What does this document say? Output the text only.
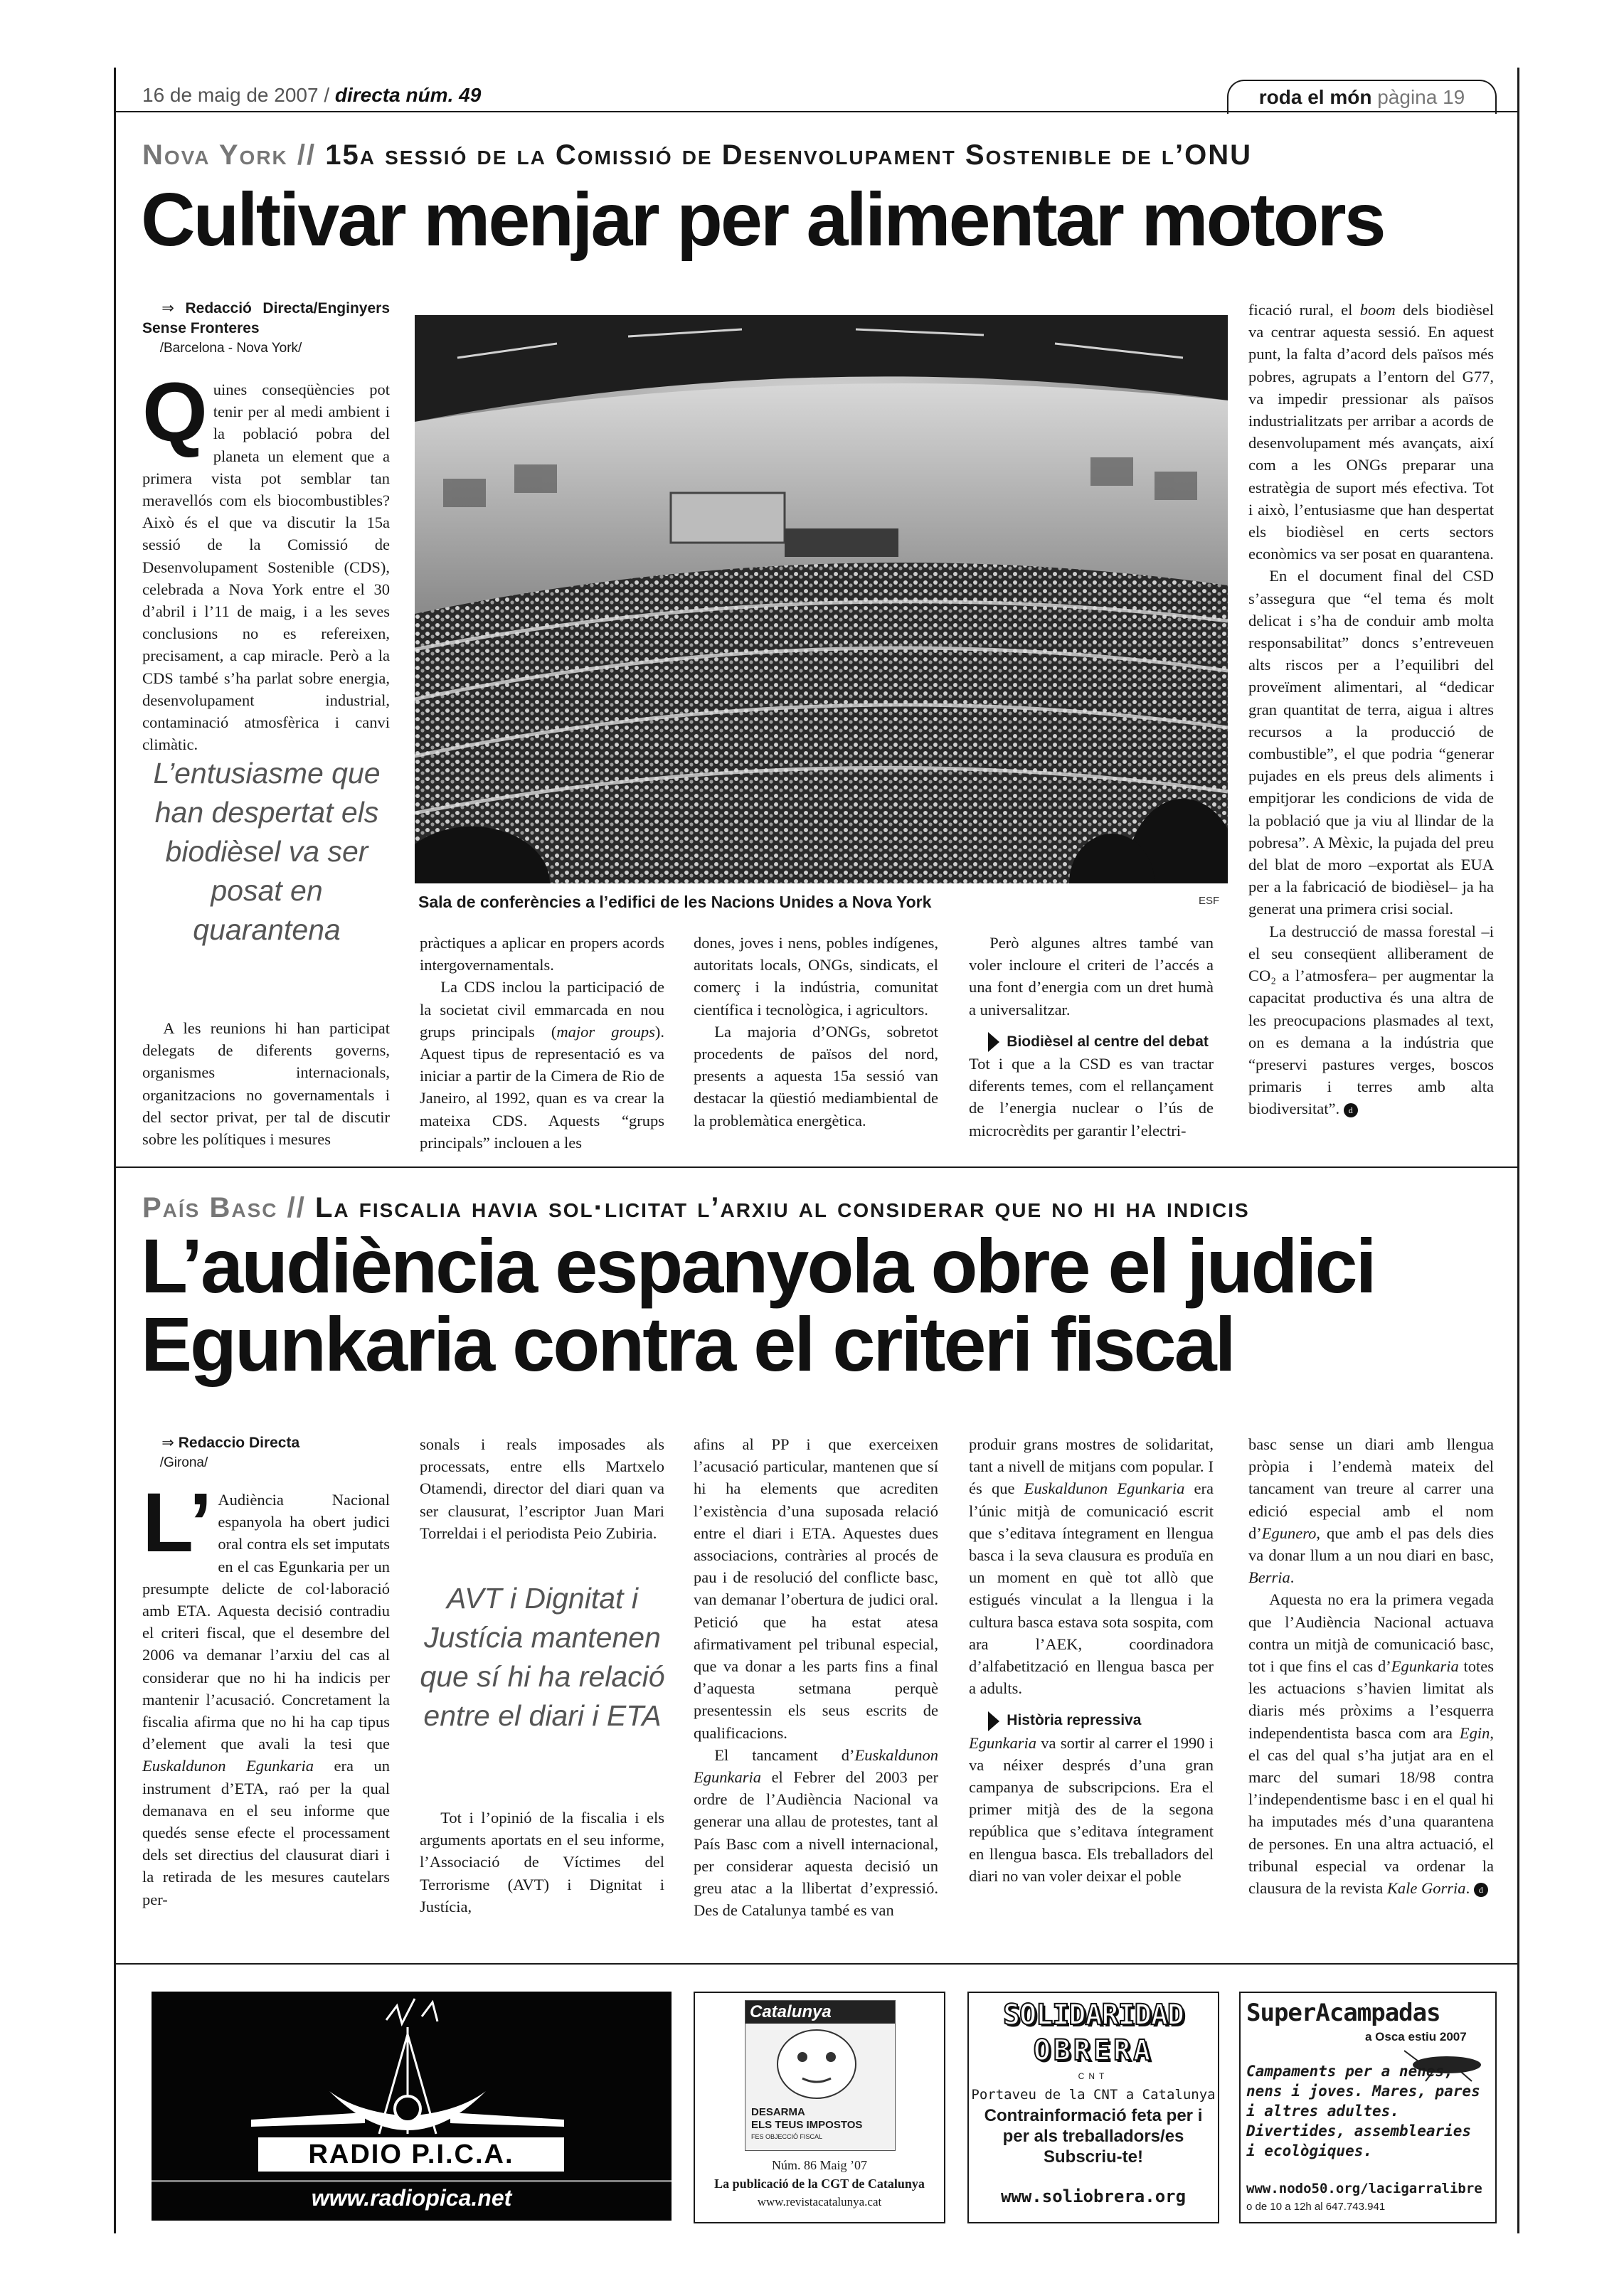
16 de maig de 2007 / directa núm. 49	roda el món pàgina 19
Nova York // 15a sessió de la Comissió de Desenvolupament Sostenible de l’ONU
Cultivar menjar per alimentar motors

⇒ Redacció Directa/Enginyers Sense Fronteres

/Barcelona - Nova York/

Quines conseqüències pot tenir per al medi ambient i la població pobra del planeta un element que a primera vista pot semblar tan meravellós com els biocombustibles? Això és el que va discutir la 15a sessió de la Comissió de Desenvolupament Sostenible (CDS), celebrada a Nova York entre el 30 d’abril i l’11 de maig, i a les seves conclusions no es refereixen, precisament, a cap miracle. Però a la CDS també s’ha parlat sobre energia, desenvolupament industrial, contaminació atmosfèrica i canvi climàtic.

L’entusiasme que han despertat els biodièsel va ser posat en quarantena

A les reunions hi han participat delegats de diferents governs, organismes internacionals, organitzacions no governamentals i del sector privat, per tal de discutir sobre les polítiques i mesures

Sala de conferències a l’edifici de les Nacions Unides a Nova York	ESF

pràctiques a aplicar en propers acords intergovernamentals.

La CDS inclou la participació de la societat civil emmarcada en nou grups principals (major groups). Aquest tipus de representació es va iniciar a partir de la Cimera de Rio de Janeiro, al 1992, quan es va crear la mateixa CDS. Aquests “grups principals” inclouen a les

dones, joves i nens, pobles indígenes, autoritats locals, ONGs, sindicats, el comerç i la indústria, comunitat científica i tecnològica, i agricultors.

La majoria d’ONGs, sobretot procedents de països del nord, presents a aquesta 15a sessió van destacar la qüestió mediambiental de la problemàtica energètica.

Però algunes altres també van voler incloure el criteri de l’accés a una font d’energia com un dret humà a universalitzar.

Biodièsel al centre del debat

Tot i que a la CSD es van tractar diferents temes, com el rellançament de l’energia nuclear o l’ús de microcrèdits per garantir l’electri-

ficació rural, el boom dels biodièsel va centrar aquesta sessió. En aquest punt, la falta d’acord dels països més pobres, agrupats a l’entorn del G77, va impedir pressionar als països industrialitzats per arribar a acords de desenvolupament més avançats, així com a les ONGs preparar una estratègia de suport més efectiva. Tot i això, l’entusiasme que han despertat els biodièsel en certs sectors econòmics va ser posat en quarantena.

En el document final del CSD s’assegura que “el tema és molt delicat i s’ha de conduir amb molta responsabilitat” doncs s’entreveuen alts riscos per a l’equilibri del proveïment alimentari, al “dedicar gran quantitat de terra, aigua i altres recursos a la producció de combustible”, el que podria “generar pujades en els preus dels aliments i empitjorar les condicions de vida de la població que ja viu al llindar de la pobresa”. A Mèxic, la pujada del preu del blat de moro –exportat als EUA per a la fabricació de biodièsel– ja ha generat una primera crisi social.

La destrucció de massa forestal –i el seu conseqüent alliberament de CO₂ a l’atmosfera– per augmentar la capacitat productiva és una altra de les preocupacions plasmades al text, on es demana a la indústria que “preservi pastures verges, boscos primaris i terres amb alta biodiversitat”. d

País Basc // La fiscalia havia sol·licitat l’arxiu al considerar que no hi ha indicis
L’audiència espanyola obre el judici
Egunkaria contra el criteri fiscal

⇒ Redaccio Directa

/Girona/

L’ Audiència Nacional espanyola ha obert judici oral contra els set imputats en el cas Egunkaria per un presumpte delicte de col·laboració amb ETA. Aquesta decisió contradiu el criteri fiscal, que el desembre del 2006 va demanar l’arxiu del cas al considerar que no hi ha indicis per mantenir l’acusació. Concretament la fiscalia afirma que no hi ha cap tipus d’element que avali la tesi que Euskaldunon Egunkaria era un instrument d’ETA, raó per la qual demanava en el seu informe que quedés sense efecte el processament dels set directius del clausurat diari i la retirada de les mesures cautelars per-

sonals i reals imposades als processats, entre ells Martxelo Otamendi, director del diari quan va ser clausurat, l’escriptor Juan Mari Torreldai i el periodista Peio Zubiria.

AVT i Dignitat i Justícia mantenen que sí hi ha relació entre el diari i ETA

Tot i l’opinió de la fiscalia i els arguments aportats en el seu informe, l’Associació de Víctimes del Terrorisme (AVT) i Dignitat i Justícia,

afins al PP i que exerceixen l’acusació particular, mantenen que sí hi ha elements que acrediten l’existència d’una suposada relació entre el diari i ETA. Aquestes dues associacions, contràries al procés de pau i de resolució del conflicte basc, van demanar l’obertura de judici oral. Petició que ha estat atesa afirmativament pel tribunal especial, que va donar a les parts fins a final d’aquesta setmana perquè presentessin els seus escrits de qualificacions.

El tancament d’Euskaldunon Egunkaria el Febrer del 2003 per ordre de l’Audiència Nacional va generar una allau de protestes, tant al País Basc com a nivell internacional, per considerar aquesta decisió un greu atac a la llibertat d’expressió. Des de Catalunya també es van

produir grans mostres de solidaritat, tant a nivell de mitjans com popular. I és que Euskaldunon Egunkaria era l’únic mitjà de comunicació escrit que s’editava íntegrament en llengua basca i la seva clausura es produïa en un moment en què tot allò que estigués vinculat a la llengua i la cultura basca estava sota sospita, com ara l’AEK, coordinadora d’alfabetització en llengua basca per a adults.

Història repressiva

Egunkaria va sortir al carrer el 1990 i va néixer després d’una gran campanya de subscripcions. Era el primer mitjà des de la segona república que s’editava íntegrament en llengua basca. Els treballadors del diari no van voler deixar el poble

basc sense un diari amb llengua pròpia i l’endemà mateix del tancament van treure al carrer una edició especial amb el nom d’Egunero, que amb el pas dels dies va donar llum a un nou diari en basc, Berria.

Aquesta no era la primera vegada que l’Audiència Nacional actuava contra un mitjà de comunicació basc, tot i que fins el cas d’Egunkaria totes les actuacions s’havien limitat als diaris més pròxims a l’esquerra independentista basca com ara Egin, el cas del qual s’ha jutjat ara en el marc del sumari 18/98 contra l’independentisme basc i en el qual hi ha imputades més d’una quarantena de persones. En una altra actuació, el tribunal especial va ordenar la clausura de la revista Kale Gorria. d

RADIO P.I.C.A.
www.radiopica.net
Catalunya
DESARMA
ELS TEUS IMPOSTOS
FES OBJECCIÓ FISCAL
Núm. 86 Maig ’07
La publicació de la CGT de Catalunya
www.revistacatalunya.cat
SOLIDARIDAD
OBRERA
CNT
Portaveu de la CNT a Catalunya
Contrainformació feta per i per als treballadors/es Subscriu-te!
www.soliobrera.org
SuperAcampadas
a Osca estiu 2007
Campaments per a nenes, nens i joves. Mares, pares i altres adultes. Divertides, assemblearies i ecològiques.
www.nodo50.org/lacigarralibre
o de 10 a 12h al 647.743.941
